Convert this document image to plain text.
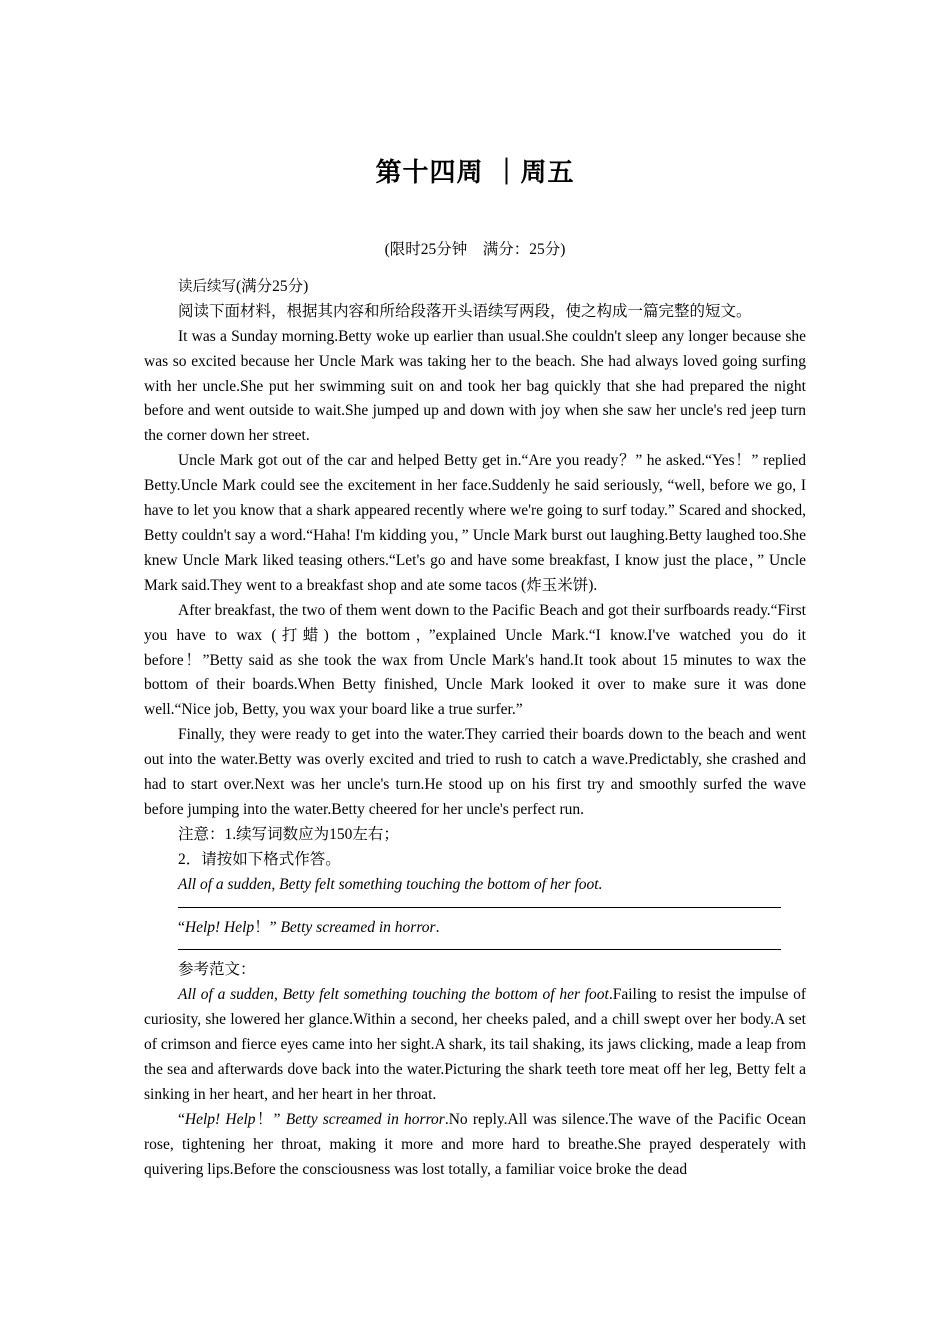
第十四周 ｜周五

(限时25分钟　满分：25分)

读后续写(满分25分)

阅读下面材料，根据其内容和所给段落开头语续写两段，使之构成一篇完整的短文。

It was a Sunday morning.Betty woke up earlier than usual.She couldn't sleep any longer because she was so excited because her Uncle Mark was taking her to the beach. She had always loved going surfing with her uncle.She put her swimming suit on and took her bag quickly that she had prepared the night before and went outside to wait.She jumped up and down with joy when she saw her uncle's red jeep turn the corner down her street.

Uncle Mark got out of the car and helped Betty get in.“Are you ready？” he asked.“Yes！” replied Betty.Uncle Mark could see the excitement in her face.Suddenly he said seriously, “well, before we go, I have to let you know that a shark appeared recently where we're going to surf today.” Scared and shocked, Betty couldn't say a word.“Haha! I'm kidding you，” Uncle Mark burst out laughing.Betty laughed too.She knew Uncle Mark liked teasing others.“Let's go and have some breakfast, I know just the place，” Uncle Mark said.They went to a breakfast shop and ate some tacos (炸玉米饼).

After breakfast, the two of them went down to the Pacific Beach and got their surfboards ready.“First you have to wax (打蜡) the bottom，”explained Uncle Mark.“I know.I've watched you do it before！”Betty said as she took the wax from Uncle Mark's hand.It took about 15 minutes to wax the bottom of their boards.When Betty finished, Uncle Mark looked it over to make sure it was done well.“Nice job, Betty, you wax your board like a true surfer.”

Finally, they were ready to get into the water.They carried their boards down to the beach and went out into the water.Betty was overly excited and tried to rush to catch a wave.Predictably, she crashed and had to start over.Next was her uncle's turn.He stood up on his first try and smoothly surfed the wave before jumping into the water.Betty cheered for her uncle's perfect run.

注意：1.续写词数应为150左右；

2．请按如下格式作答。

All of a sudden, Betty felt something touching the bottom of her foot.

“Help! Help！” Betty screamed in horror.

参考范文：

All of a sudden, Betty felt something touching the bottom of her foot.Failing to resist the impulse of curiosity, she lowered her glance.Within a second, her cheeks paled, and a chill swept over her body.A set of crimson and fierce eyes came into her sight.A shark, its tail shaking, its jaws clicking, made a leap from the sea and afterwards dove back into the water.Picturing the shark teeth tore meat off her leg, Betty felt a sinking in her heart, and her heart in her throat.

“Help! Help！” Betty screamed in horror.No reply.All was silence.The wave of the Pacific Ocean rose, tightening her throat, making it more and more hard to breathe.She prayed desperately with quivering lips.Before the consciousness was lost totally, a familiar voice broke the dead
